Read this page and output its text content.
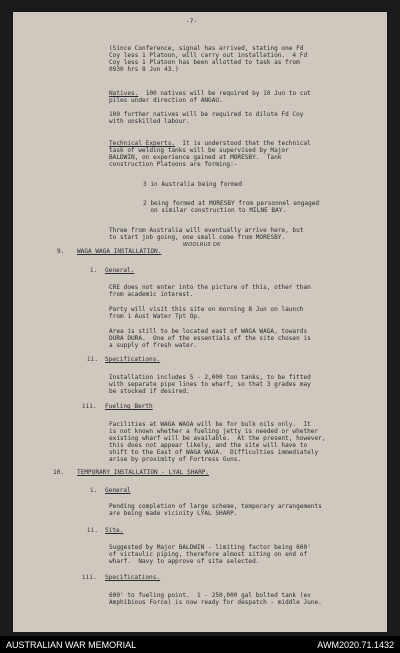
-7-
(Since Conference, signal has arrived, stating one Fd
Coy less 1 Platoon, will carry out installation.  4 Fd
Coy less 1 Platoon has been allotted to task as from
0930 hrs 8 Jun 43.)
Natives.  100 natives will be required by 10 Jun to cut
piles under direction of ANGAU.
100 further natives will be required to dilute Fd Coy
with unskilled labour.
Technical Experts.  It is understood that the technical
task of welding tanks will be supervised by Major
BALDWIN, on experience gained at MORESBY.  Tank
construction Platoons are forming:-
3 in Australia being formed
2 being formed at MORESBY from personnel engaged
on similar construction to MILNE BAY.
Three from Australia will eventually arrive here, but
to start job going, one small come from MORESBY.
9. WAGA WAGA INSTALLATION.
WOOLRUS OK
i. General.
CRE does not enter into the picture of this, other than
from academic interest.
Party will visit this site on morning 8 Jun on launch
from 1 Aust Water Tpt Op.
Area is still to be located east of WAGA WAGA, towards
DURA DURA.  One of the essentials of the site chosen is
a supply of fresh water.
ii. Specifications.
Installation includes 5 - 2,000 ton tanks, to be fitted
with separate pipe lines to wharf, so that 3 grades may
be stocked if desired.
iii. Fueling Berth
Facilities at WAGA WAGA will be for bulk oils only.  It
is not known whether a fueling jetty is needed or whether
existing wharf will be available.  At the present, however,
this does not appear likely, and the site will have to
shift to the East of WAGA WAGA.  Difficulties immediately
arise by proximity of Fortress Guns.
10. TEMPORARY INSTALLATION - LYAL SHARP.
i. General
Pending completion of large scheme, temporary arrangements
are being made vicinity LYAL SHARP.
ii. Site.
Suggested by Major BALDWIN - limiting factor being 600'
of victaulic piping, therefore almost siting on end of
wharf.  Navy to approve of site selected.
iii. Specifications.
600' to fueling point.  1 - 250,000 gal bolted tank (ex
Amphibious Force) is now ready for despatch - middle June.
AUSTRALIAN WAR MEMORIAL	AWM2020.71.1432
